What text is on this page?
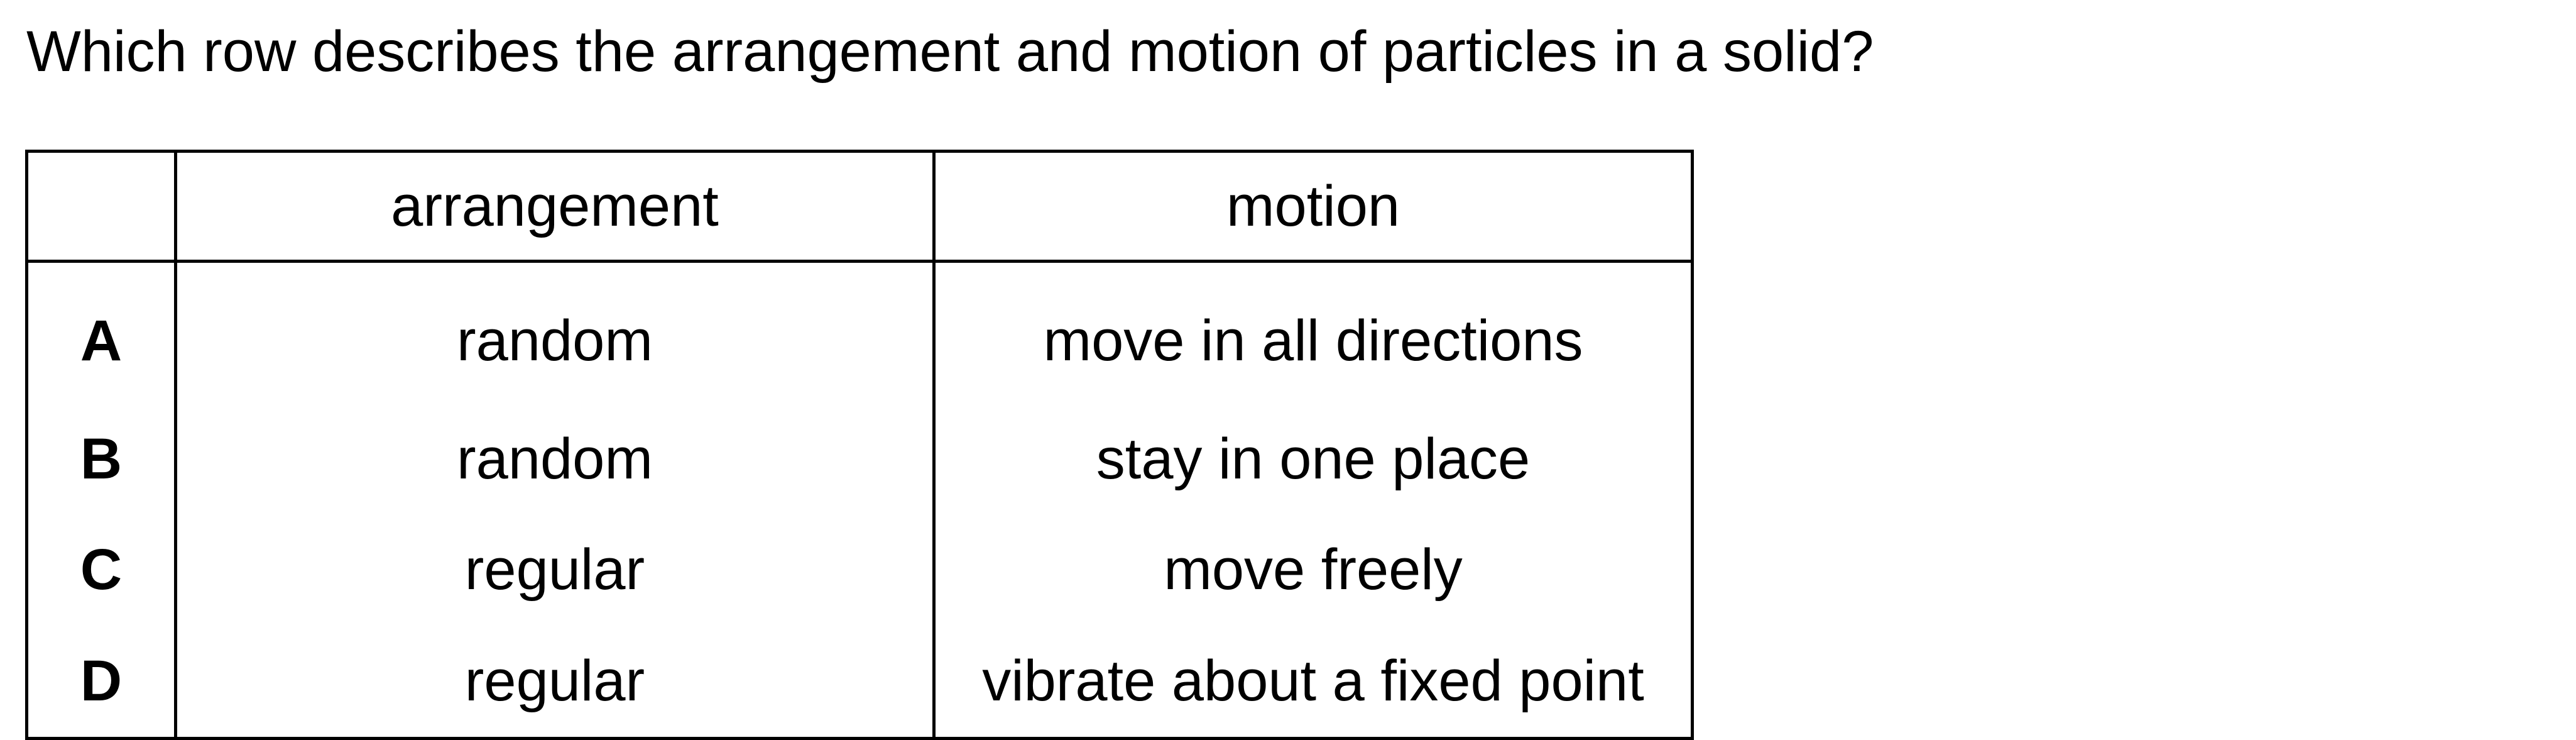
Which row describes the arrangement and motion of particles in a solid?

	arrangement	motion
A	random	move in all directions
B	random	stay in one place
C	regular	move freely
D	regular	vibrate about a fixed point
